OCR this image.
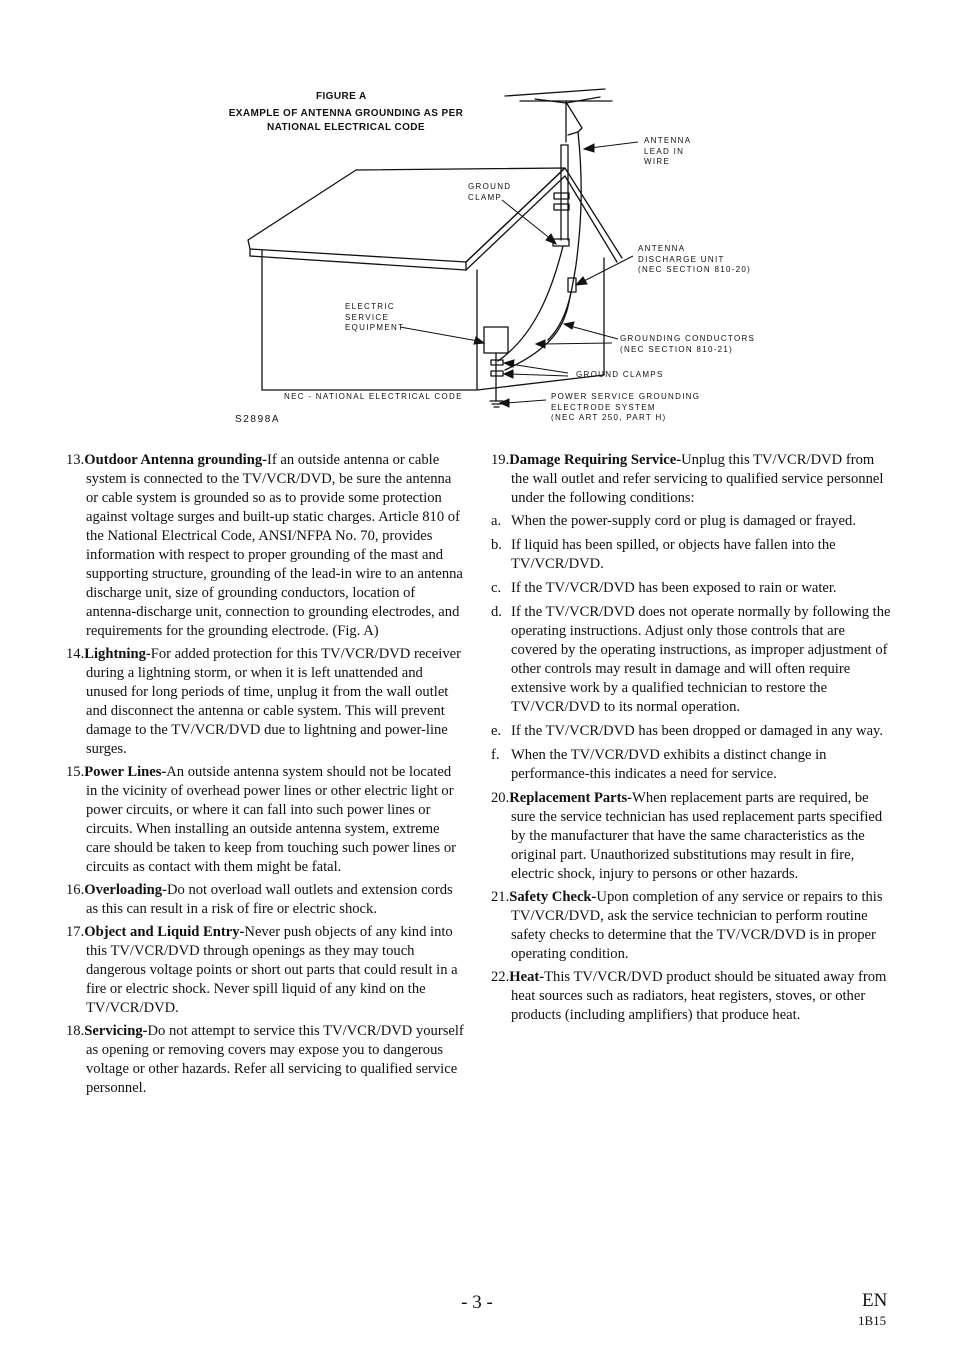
FIGURE A
EXAMPLE OF ANTENNA GROUNDING AS PER
NATIONAL ELECTRICAL CODE
ANTENNA
LEAD IN
WIRE
GROUND
CLAMP
ANTENNA
DISCHARGE UNIT
(NEC SECTION 810-20)
ELECTRIC
SERVICE
EQUIPMENT
GROUNDING CONDUCTORS
(NEC SECTION 810-21)
GROUND CLAMPS
NEC - NATIONAL ELECTRICAL CODE	POWER SERVICE GROUNDING
ELECTRODE SYSTEM
(NEC ART 250, PART H)
S2898A

13.Outdoor Antenna grounding-If an outside antenna or cable system is connected to the TV/VCR/DVD, be sure the antenna or cable system is grounded so as to provide some protection against voltage surges and built-up static charges. Article 810 of the National Electrical Code, ANSI/NFPA No. 70, provides information with respect to proper grounding of the mast and supporting structure, grounding of the lead-in wire to an antenna discharge unit, size of grounding conductors, location of antenna-discharge unit, connection to grounding electrodes, and requirements for the grounding electrode. (Fig. A)

14.Lightning-For added protection for this TV/VCR/DVD receiver during a lightning storm, or when it is left unattended and unused for long periods of time, unplug it from the wall outlet and disconnect the antenna or cable system. This will prevent damage to the TV/VCR/DVD due to lightning and power-line surges.

15.Power Lines-An outside antenna system should not be located in the vicinity of overhead power lines or other electric light or power circuits, or where it can fall into such power lines or circuits. When installing an outside antenna system, extreme care should be taken to keep from touching such power lines or circuits as contact with them might be fatal.

16.Overloading-Do not overload wall outlets and extension cords as this can result in a risk of fire or electric shock.

17.Object and Liquid Entry-Never push objects of any kind into this TV/VCR/DVD through openings as they may touch dangerous voltage points or short out parts that could result in a fire or electric shock. Never spill liquid of any kind on the TV/VCR/DVD.

18.Servicing-Do not attempt to service this TV/VCR/DVD yourself as opening or removing covers may expose you to dangerous voltage or other hazards. Refer all servicing to qualified service personnel.

19.Damage Requiring Service-Unplug this TV/VCR/DVD from the wall outlet and refer servicing to qualified service personnel under the following conditions:

a. When the power-supply cord or plug is damaged or frayed.
b. If liquid has been spilled, or objects have fallen into the TV/VCR/DVD.
c. If the TV/VCR/DVD has been exposed to rain or water.
d. If the TV/VCR/DVD does not operate normally by following the operating instructions. Adjust only those controls that are covered by the operating instructions, as improper adjustment of other controls may result in damage and will often require extensive work by a qualified technician to restore the TV/VCR/DVD to its normal operation.
e. If the TV/VCR/DVD has been dropped or damaged in any way.
f. When the TV/VCR/DVD exhibits a distinct change in performance-this indicates a need for service.

20.Replacement Parts-When replacement parts are required, be sure the service technician has used replacement parts specified by the manufacturer that have the same characteristics as the original part. Unauthorized substitutions may result in fire, electric shock, injury to persons or other hazards.

21.Safety Check-Upon completion of any service or repairs to this TV/VCR/DVD, ask the service technician to perform routine safety checks to determine that the TV/VCR/DVD is in proper operating condition.

22.Heat-This TV/VCR/DVD product should be situated away from heat sources such as radiators, heat registers, stoves, or other products (including amplifiers) that produce heat.

- 3 -	EN
1B15
